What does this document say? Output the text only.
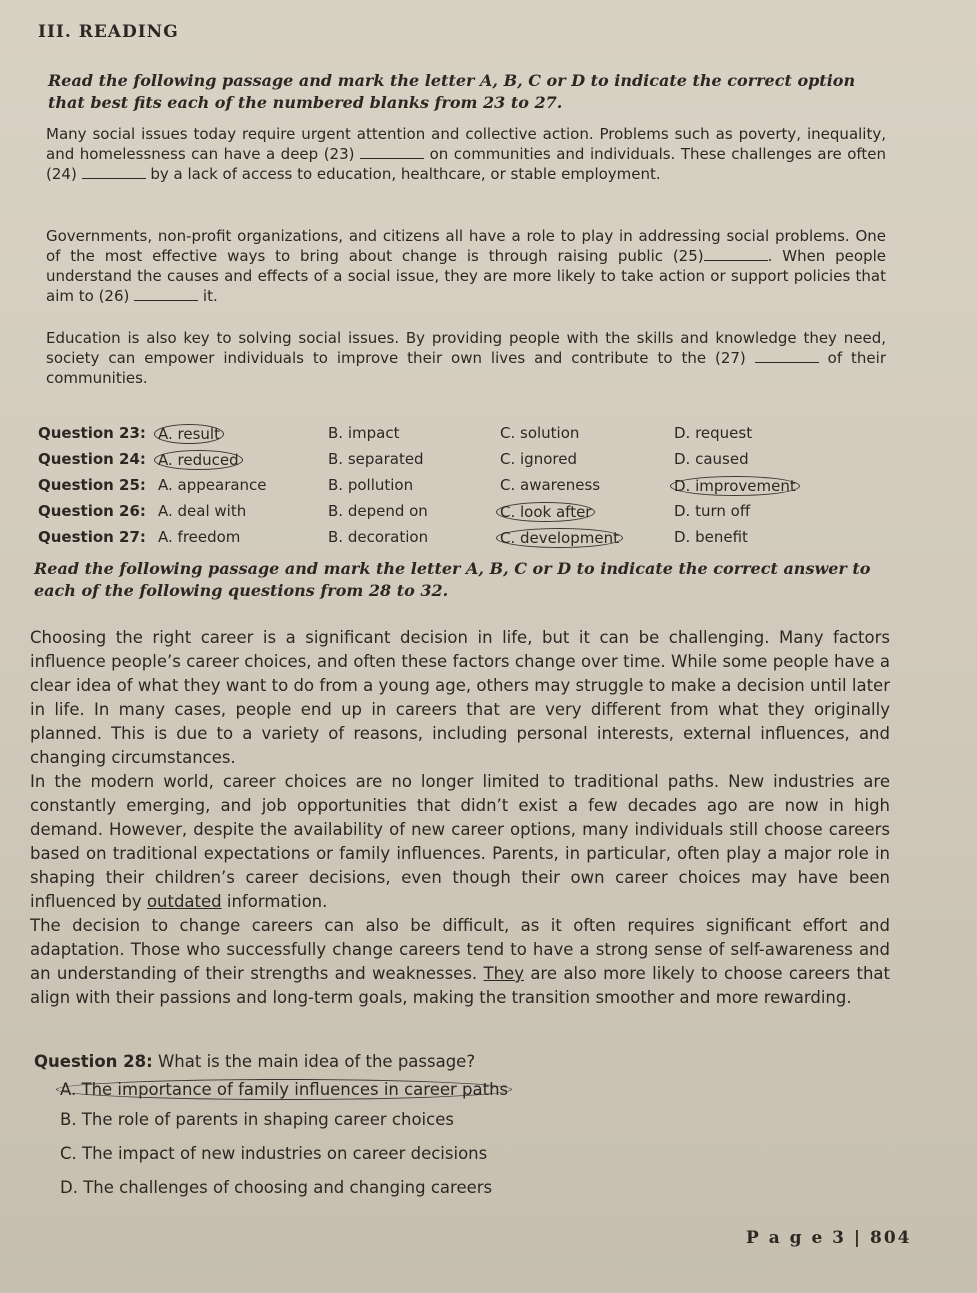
III. READING
Read the following passage and mark the letter A, B, C or D to indicate the correct option that best fits each of the numbered blanks from 23 to 27.
Many social issues today require urgent attention and collective action. Problems such as poverty, inequality, and homelessness can have a deep (23)	on communities and individuals. These challenges are often (24)	by a lack of access to education, healthcare, or stable employment.
Governments, non-profit organizations, and citizens all have a role to play in addressing social problems. One of the most effective ways to bring about change is through raising public (25)	. When people understand the causes and effects of a social issue, they are more likely to take action or support policies that aim to (26)	it.
Education is also key to solving social issues. By providing people with the skills and knowledge they need, society can empower individuals to improve their own lives and contribute to the (27)	of their communities.
Question 23: A. result	B. impact	C. solution	D. request
Question 24: A. reduced	B. separated	C. ignored	D. caused
Question 25: A. appearance	B. pollution	C. awareness	D. improvement
Question 26: A. deal with	B. depend on	C. look after	D. turn off
Question 27: A. freedom	B. decoration	C. development	D. benefit
Read the following passage and mark the letter A, B, C or D to indicate the correct answer to each of the following questions from 28 to 32.
Choosing the right career is a significant decision in life, but it can be challenging. Many factors influence people’s career choices, and often these factors change over time. While some people have a clear idea of what they want to do from a young age, others may struggle to make a decision until later in life. In many cases, people end up in careers that are very different from what they originally planned. This is due to a variety of reasons, including personal interests, external influences, and changing circumstances.
In the modern world, career choices are no longer limited to traditional paths. New industries are constantly emerging, and job opportunities that didn’t exist a few decades ago are now in high demand. However, despite the availability of new career options, many individuals still choose careers based on traditional expectations or family influences. Parents, in particular, often play a major role in shaping their children’s career decisions, even though their own career choices may have been influenced by outdated information.
The decision to change careers can also be difficult, as it often requires significant effort and adaptation. Those who successfully change careers tend to have a strong sense of self-awareness and an understanding of their strengths and weaknesses. They are also more likely to choose careers that align with their passions and long-term goals, making the transition smoother and more rewarding.
Question 28: What is the main idea of the passage?
A. The importance of family influences in career paths
B. The role of parents in shaping career choices
C. The impact of new industries on career decisions
D. The challenges of choosing and changing careers
P a g e 3 | 804
